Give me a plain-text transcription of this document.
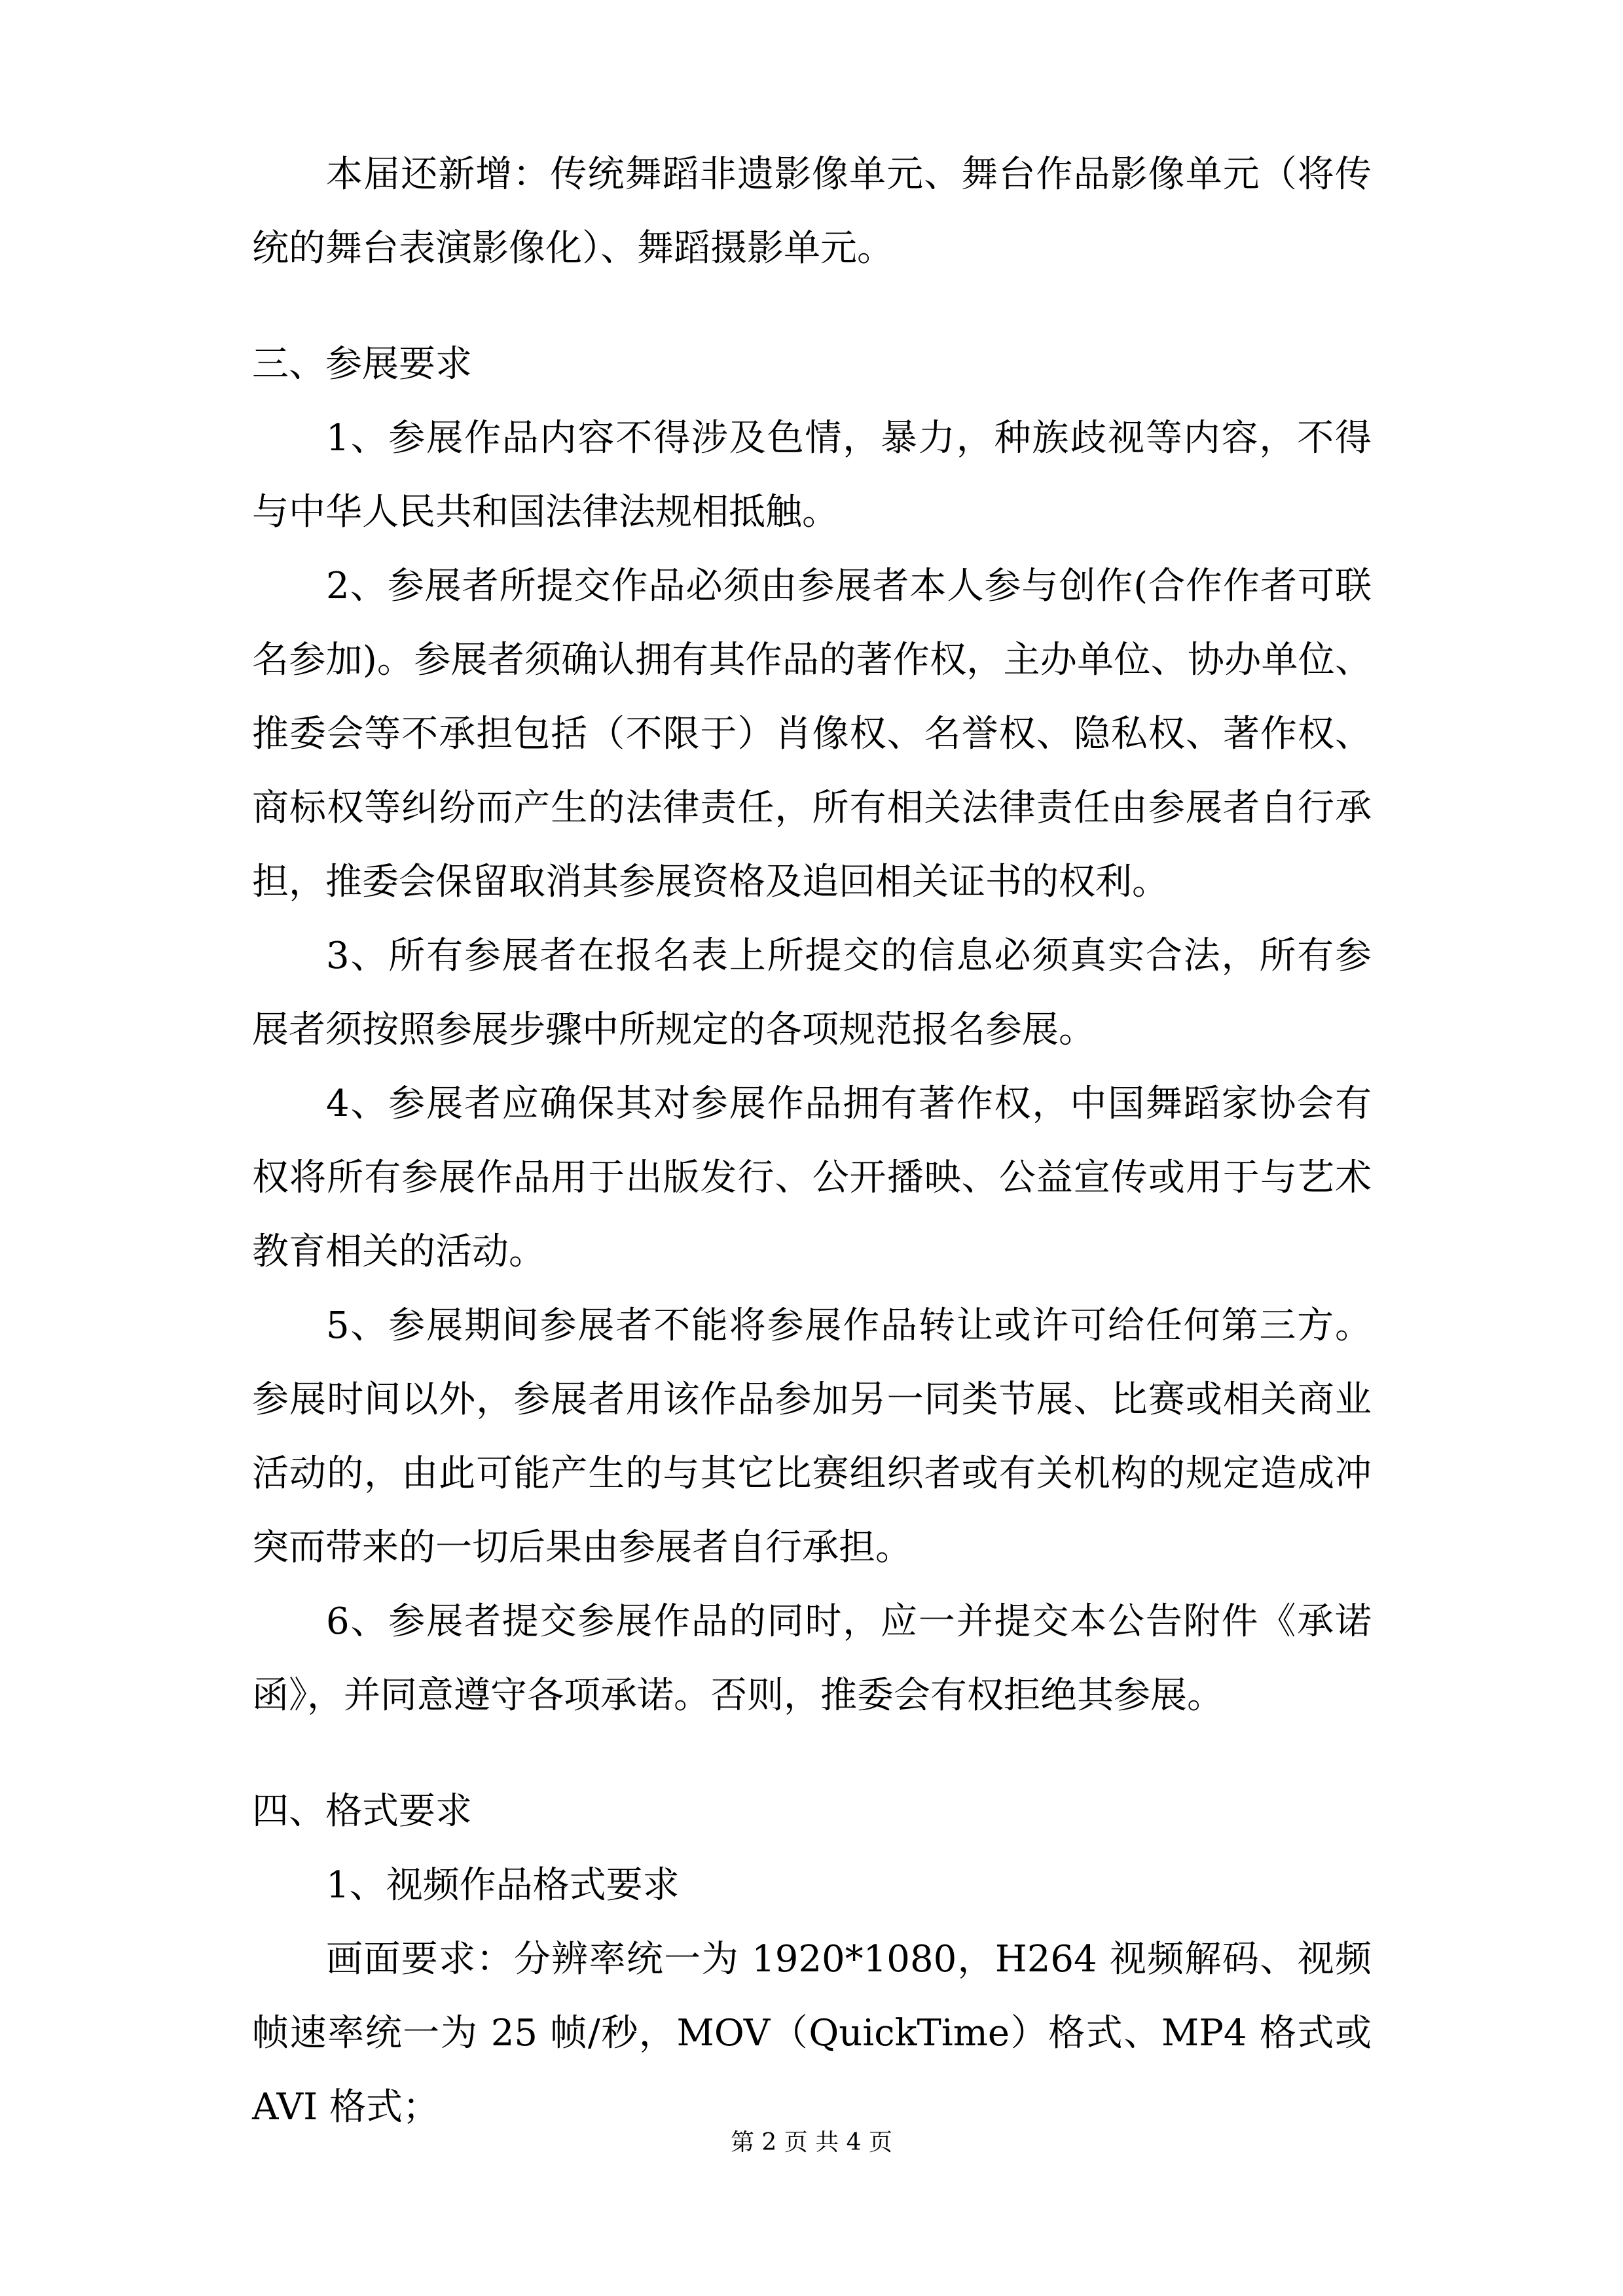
本届还新增：传统舞蹈非遗影像单元、舞台作品影像单元（将传统的舞台表演影像化）、舞蹈摄影单元。

三、参展要求

1、参展作品内容不得涉及色情，暴力，种族歧视等内容，不得与中华人民共和国法律法规相抵触。

2、参展者所提交作品必须由参展者本人参与创作(合作作者可联名参加)。参展者须确认拥有其作品的著作权，主办单位、协办单位、推委会等不承担包括（不限于）肖像权、名誉权、隐私权、著作权、商标权等纠纷而产生的法律责任，所有相关法律责任由参展者自行承担，推委会保留取消其参展资格及追回相关证书的权利。

3、所有参展者在报名表上所提交的信息必须真实合法，所有参展者须按照参展步骤中所规定的各项规范报名参展。

4、参展者应确保其对参展作品拥有著作权，中国舞蹈家协会有权将所有参展作品用于出版发行、公开播映、公益宣传或用于与艺术教育相关的活动。

5、参展期间参展者不能将参展作品转让或许可给任何第三方。参展时间以外，参展者用该作品参加另一同类节展、比赛或相关商业活动的，由此可能产生的与其它比赛组织者或有关机构的规定造成冲突而带来的一切后果由参展者自行承担。

6、参展者提交参展作品的同时，应一并提交本公告附件《承诺函》，并同意遵守各项承诺。否则，推委会有权拒绝其参展。

四、格式要求

1、视频作品格式要求

画面要求：分辨率统一为 1920*1080，H264 视频解码、视频帧速率统一为 25 帧/秒，MOV（QuickTime）格式、MP4 格式或 AVI 格式；

第 2 页 共 4 页
